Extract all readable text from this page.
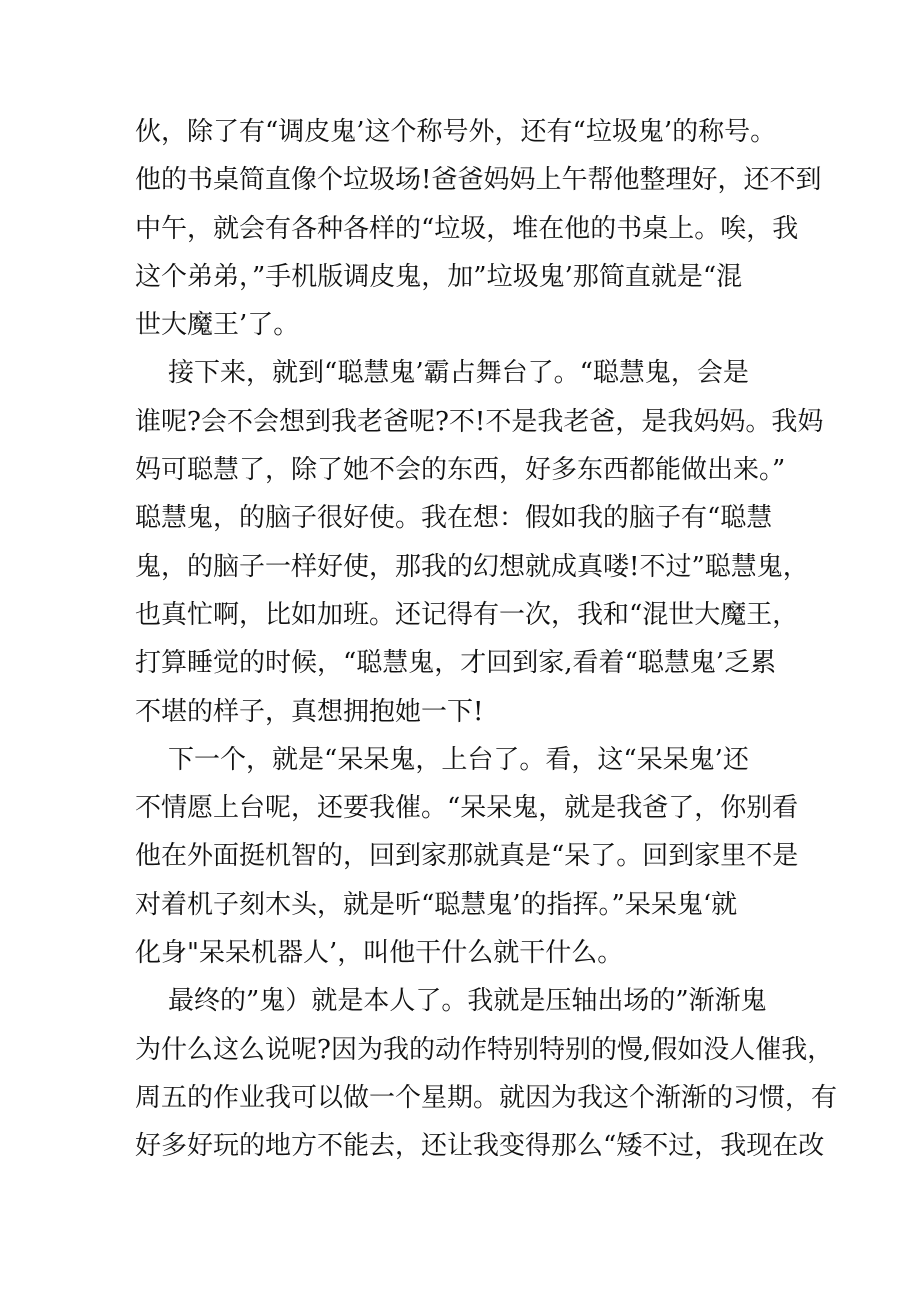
伙，除了有“调皮鬼’这个称号外，还有“垃圾鬼’的称号。
他的书桌简直像个垃圾场!爸爸妈妈上午帮他整理好，还不到
中午，就会有各种各样的“垃圾，堆在他的书桌上。唉，我
这个弟弟，”手机版调皮鬼，加”垃圾鬼’那简直就是“混
世大魔王’了。
接下来，就到“聪慧鬼’霸占舞台了。“聪慧鬼，会是
谁呢?会不会想到我老爸呢?不!不是我老爸，是我妈妈。我妈
妈可聪慧了，除了她不会的东西，好多东西都能做出来。”
聪慧鬼，的脑子很好使。我在想：假如我的脑子有“聪慧
鬼，的脑子一样好使，那我的幻想就成真喽!不过”聪慧鬼，
也真忙啊，比如加班。还记得有一次，我和“混世大魔王，
打算睡觉的时候，“聪慧鬼，才回到家,看着“聪慧鬼’乏累
不堪的样子，真想拥抱她一下!
下一个，就是“呆呆鬼，上台了。看，这“呆呆鬼’还
不情愿上台呢，还要我催。“呆呆鬼，就是我爸了，你别看
他在外面挺机智的，回到家那就真是“呆了。回到家里不是
对着机子刻木头，就是听“聪慧鬼’的指挥。”呆呆鬼‘就
化身"呆呆机器人’，叫他干什么就干什么。
最终的”鬼）就是本人了。我就是压轴出场的”渐渐鬼
为什么这么说呢?因为我的动作特别特别的慢,假如没人催我，
周五的作业我可以做一个星期。就因为我这个渐渐的习惯，有
好多好玩的地方不能去，还让我变得那么“矮不过，我现在改
